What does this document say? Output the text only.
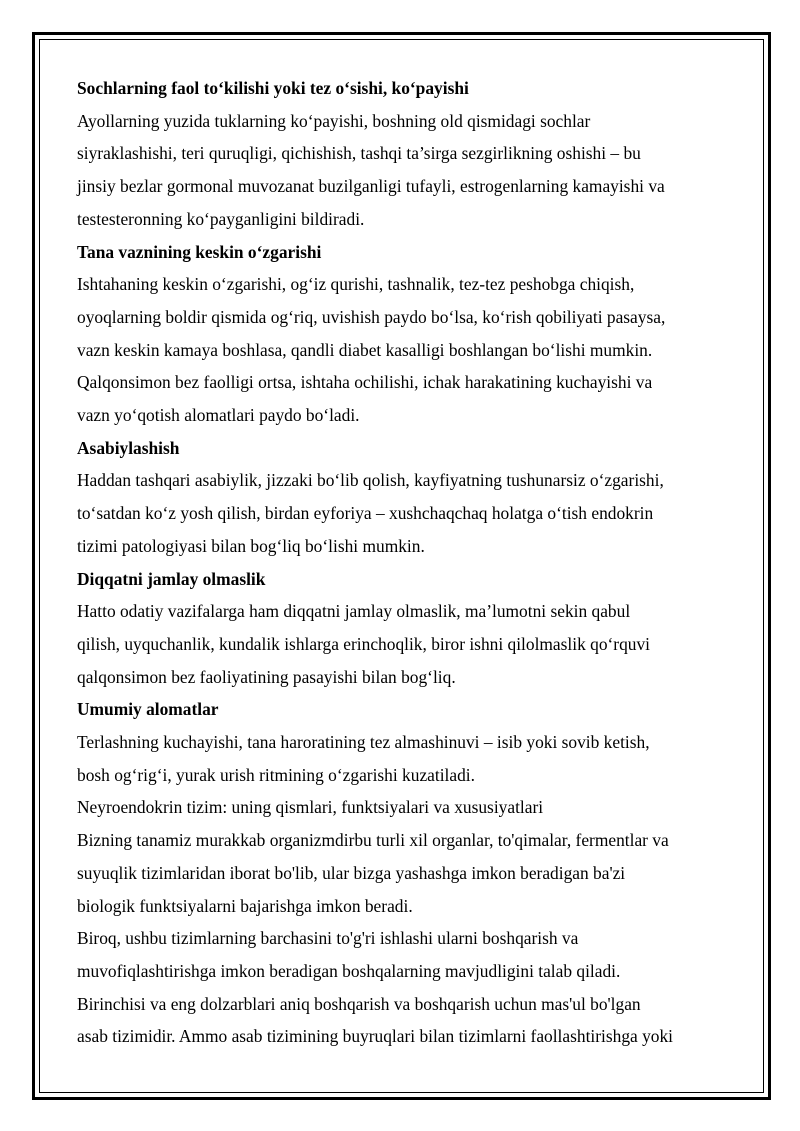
Sochlarning faol to‘kilishi yoki tez o‘sishi, ko‘payishi
Ayollarning yuzida tuklarning ko‘payishi, boshning old qismidagi sochlar
siyraklashishi, teri quruqligi, qichishish, tashqi ta’sirga sezgirlikning oshishi – bu
jinsiy bezlar gormonal muvozanat buzilganligi tufayli, estrogenlarning kamayishi va
testesteronning ko‘payganligini bildiradi.
Tana vaznining keskin o‘zgarishi
Ishtahaning keskin o‘zgarishi, og‘iz qurishi, tashnalik, tez-tez peshobga chiqish,
oyoqlarning boldir qismida og‘riq, uvishish paydo bo‘lsa, ko‘rish qobiliyati pasaysa,
vazn keskin kamaya boshlasa, qandli diabet kasalligi boshlangan bo‘lishi mumkin.
Qalqonsimon bez faolligi ortsa, ishtaha ochilishi, ichak harakatining kuchayishi va
vazn yo‘qotish alomatlari paydo bo‘ladi.
Asabiylashish
Haddan tashqari asabiylik, jizzaki bo‘lib qolish, kayfiyatning tushunarsiz o‘zgarishi,
to‘satdan ko‘z yosh qilish, birdan eyforiya – xushchaqchaq holatga o‘tish endokrin
tizimi patologiyasi bilan bog‘liq bo‘lishi mumkin.
Diqqatni jamlay olmaslik
Hatto odatiy vazifalarga ham diqqatni jamlay olmaslik, ma’lumotni sekin qabul
qilish, uyquchanlik, kundalik ishlarga erinchoqlik, biror ishni qilolmaslik qo‘rquvi
qalqonsimon bez faoliyatining pasayishi bilan bog‘liq.
Umumiy alomatlar
Terlashning kuchayishi, tana haroratining tez almashinuvi – isib yoki sovib ketish,
bosh og‘rig‘i, yurak urish ritmining o‘zgarishi kuzatiladi.
Neyroendokrin tizim: uning qismlari, funktsiyalari va xususiyatlari
Bizning tanamiz murakkab organizmdirbu turli xil organlar, to'qimalar, fermentlar va
suyuqlik tizimlaridan iborat bo'lib, ular bizga yashashga imkon beradigan ba'zi
biologik funktsiyalarni bajarishga imkon beradi.
Biroq, ushbu tizimlarning barchasini to'g'ri ishlashi ularni boshqarish va
muvofiqlashtirishga imkon beradigan boshqalarning mavjudligini talab qiladi.
Birinchisi va eng dolzarblari aniq boshqarish va boshqarish uchun mas'ul bo'lgan
asab tizimidir. Ammo asab tizimining buyruqlari bilan tizimlarni faollashtirishga yoki
